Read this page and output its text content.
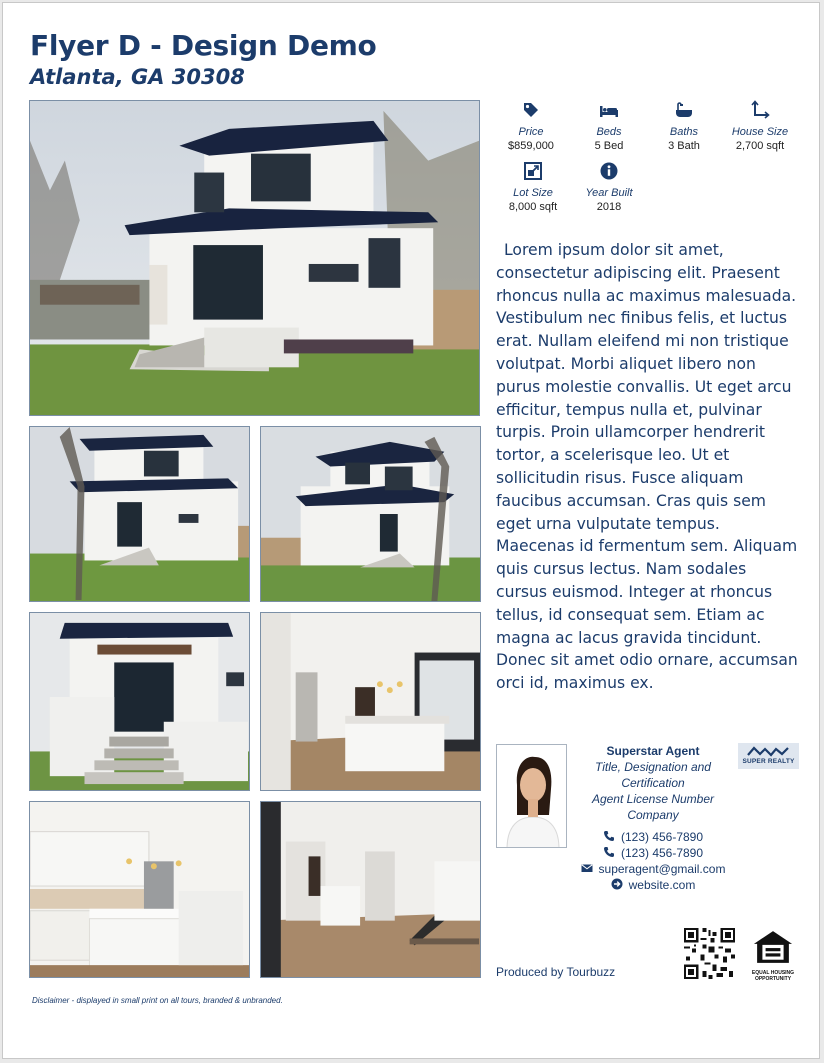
Flyer D - Design Demo
Atlanta, GA 30308
Price
$859,000
Beds
5 Bed
Baths
3 Bath
House Size
2,700 sqft
Lot Size
8,000 sqft
Year Built
2018

Lorem ipsum dolor sit amet, consectetur adipiscing elit. Praesent rhoncus nulla ac maximus malesuada. Vestibulum nec finibus felis, et luctus erat. Nullam eleifend mi non tristique volutpat. Morbi aliquet libero non purus molestie convallis. Ut eget arcu efficitur, tempus nulla et, pulvinar turpis. Proin ullamcorper hendrerit tortor, a scelerisque leo. Ut et sollicitudin risus. Fusce aliquam faucibus accumsan. Cras quis sem eget urna vulputate tempus. Maecenas id fermentum sem. Aliquam quis cursus lectus. Nam sodales cursus euismod. Integer at rhoncus tellus, id consequat sem. Etiam ac magna ac lacus gravida tincidunt. Donec sit amet odio ornare, accumsan orci id, maximus ex.

Superstar Agent
Title, Designation and
Certification
Agent License Number
Company
(123) 456-7890
(123) 456-7890
superagent@gmail.com
website.com
SUPER REALTY
Produced by Tourbuzz	EQUAL HOUSING
OPPORTUNITY
Disclaimer - displayed in small print on all tours, branded & unbranded.
